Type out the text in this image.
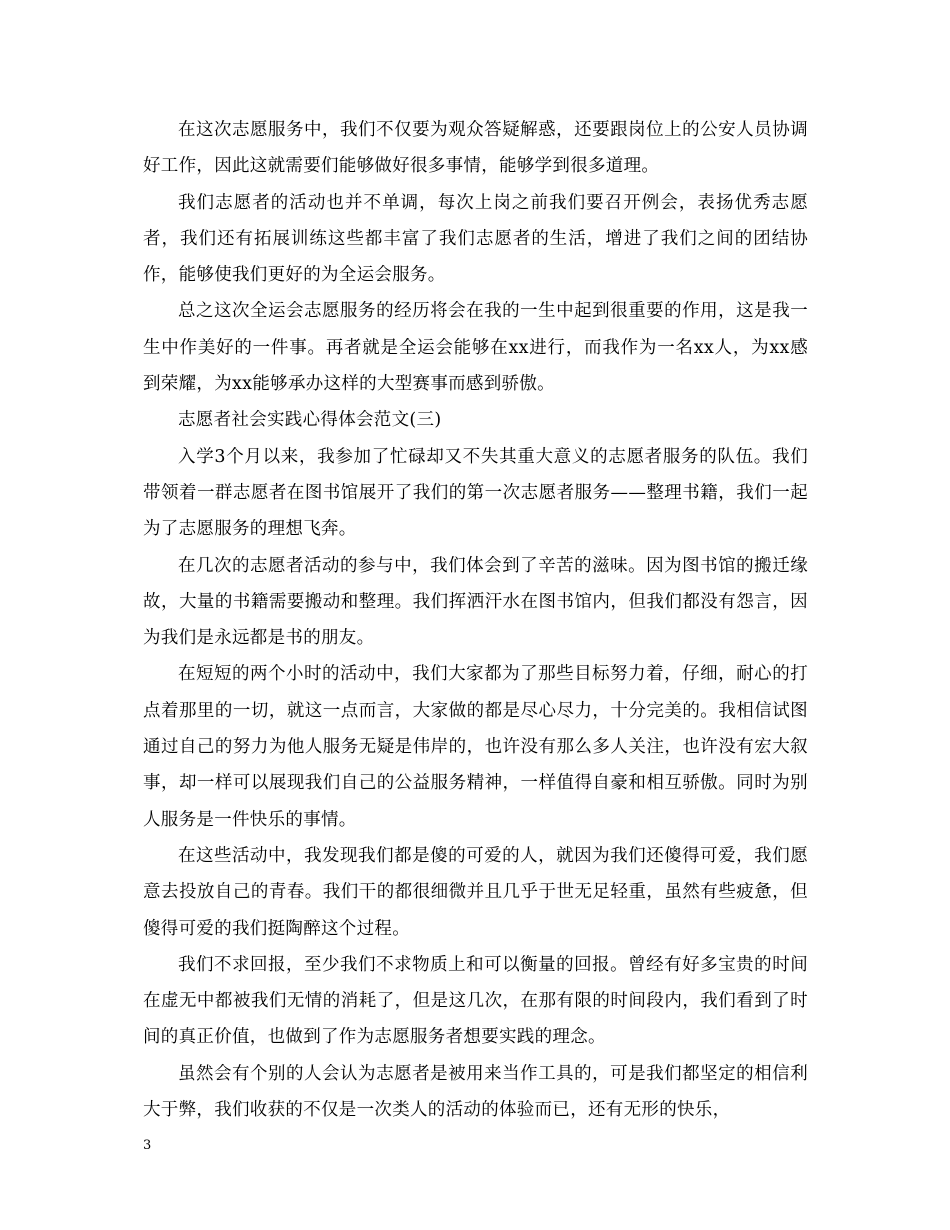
在这次志愿服务中，我们不仅要为观众答疑解惑，还要跟岗位上的公安人员协调好工作，因此这就需要们能够做好很多事情，能够学到很多道理。

我们志愿者的活动也并不单调，每次上岗之前我们要召开例会，表扬优秀志愿者，我们还有拓展训练这些都丰富了我们志愿者的生活，增进了我们之间的团结协作，能够使我们更好的为全运会服务。

总之这次全运会志愿服务的经历将会在我的一生中起到很重要的作用，这是我一生中作美好的一件事。再者就是全运会能够在xx进行，而我作为一名xx人，为xx感到荣耀，为xx能够承办这样的大型赛事而感到骄傲。

志愿者社会实践心得体会范文(三)

入学3个月以来，我参加了忙碌却又不失其重大意义的志愿者服务的队伍。我们带领着一群志愿者在图书馆展开了我们的第一次志愿者服务——整理书籍，我们一起为了志愿服务的理想飞奔。

在几次的志愿者活动的参与中，我们体会到了辛苦的滋味。因为图书馆的搬迁缘故，大量的书籍需要搬动和整理。我们挥洒汗水在图书馆内，但我们都没有怨言，因为我们是永远都是书的朋友。

在短短的两个小时的活动中，我们大家都为了那些目标努力着，仔细，耐心的打点着那里的一切，就这一点而言，大家做的都是尽心尽力，十分完美的。我相信试图通过自己的努力为他人服务无疑是伟岸的，也许没有那么多人关注，也许没有宏大叙事，却一样可以展现我们自己的公益服务精神，一样值得自豪和相互骄傲。同时为别人服务是一件快乐的事情。

在这些活动中，我发现我们都是傻的可爱的人，就因为我们还傻得可爱，我们愿意去投放自己的青春。我们干的都很细微并且几乎于世无足轻重，虽然有些疲惫，但傻得可爱的我们挺陶醉这个过程。

我们不求回报，至少我们不求物质上和可以衡量的回报。曾经有好多宝贵的时间在虚无中都被我们无情的消耗了，但是这几次，在那有限的时间段内，我们看到了时间的真正价值，也做到了作为志愿服务者想要实践的理念。

虽然会有个别的人会认为志愿者是被用来当作工具的，可是我们都坚定的相信利大于弊，我们收获的不仅是一次类人的活动的体验而已，还有无形的快乐，

3
